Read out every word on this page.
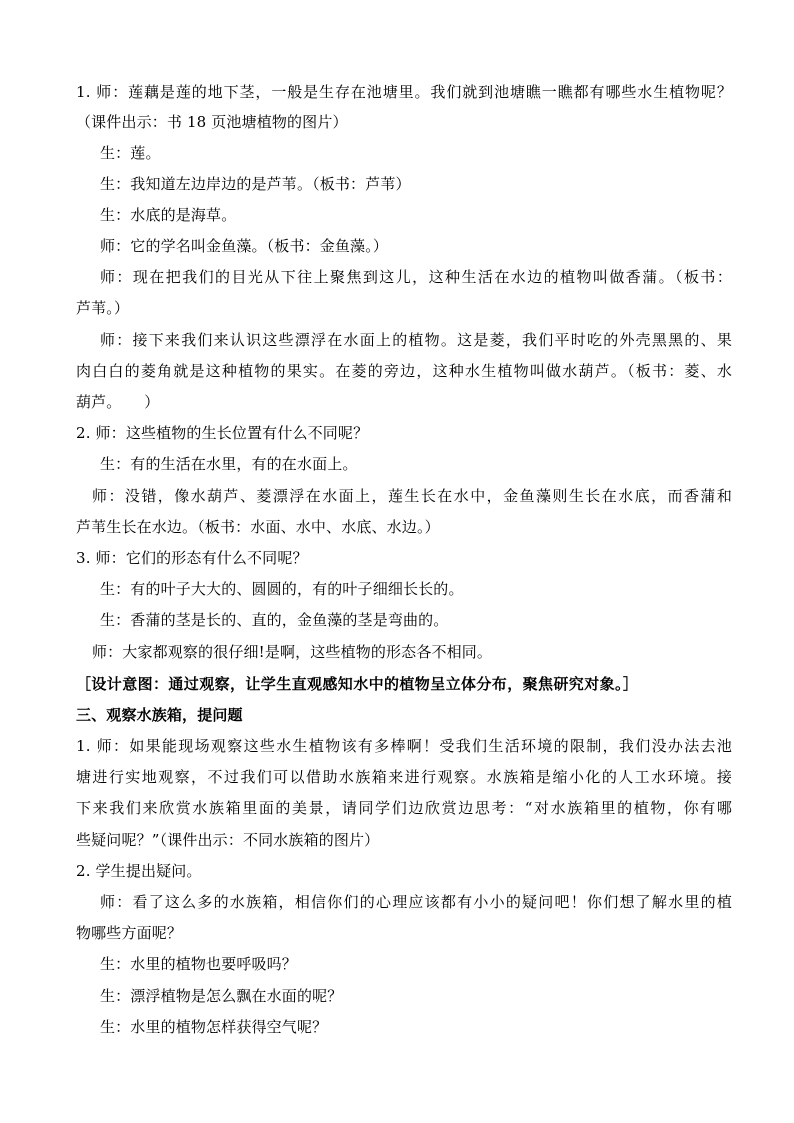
1. 师：莲藕是莲的地下茎，一般是生存在池塘里。我们就到池塘瞧一瞧都有哪些水生植物呢？
（课件出示：书 18 页池塘植物的图片）
生：莲。
生：我知道左边岸边的是芦苇。（板书：芦苇）
生：水底的是海草。
师：它的学名叫金鱼藻。（板书：金鱼藻。）
师：现在把我们的目光从下往上聚焦到这儿，这种生活在水边的植物叫做香蒲。（板书：
芦苇。）
师：接下来我们来认识这些漂浮在水面上的植物。这是菱，我们平时吃的外壳黑黑的、果
肉白白的菱角就是这种植物的果实。在菱的旁边，这种水生植物叫做水葫芦。（板书：菱、水
葫芦。　　）
2. 师：这些植物的生长位置有什么不同呢？
生：有的生活在水里，有的在水面上。
师：没错，像水葫芦、菱漂浮在水面上，莲生长在水中，金鱼藻则生长在水底，而香蒲和
芦苇生长在水边。（板书：水面、水中、水底、水边。）
3. 师：它们的形态有什么不同呢？
生：有的叶子大大的、圆圆的，有的叶子细细长长的。
生：香蒲的茎是长的、直的，金鱼藻的茎是弯曲的。
师：大家都观察的很仔细!是啊，这些植物的形态各不相同。
［设计意图：通过观察，让学生直观感知水中的植物呈立体分布，聚焦研究对象。］
三、观察水族箱，提问题
1. 师：如果能现场观察这些水生植物该有多棒啊！受我们生活环境的限制，我们没办法去池
塘进行实地观察，不过我们可以借助水族箱来进行观察。水族箱是缩小化的人工水环境。接
下来我们来欣赏水族箱里面的美景，请同学们边欣赏边思考：“对水族箱里的植物，你有哪
些疑问呢？”（课件出示：不同水族箱的图片）
2. 学生提出疑问。
师：看了这么多的水族箱，相信你们的心理应该都有小小的疑问吧！你们想了解水里的植
物哪些方面呢？
生：水里的植物也要呼吸吗？
生：漂浮植物是怎么飘在水面的呢？
生：水里的植物怎样获得空气呢？
